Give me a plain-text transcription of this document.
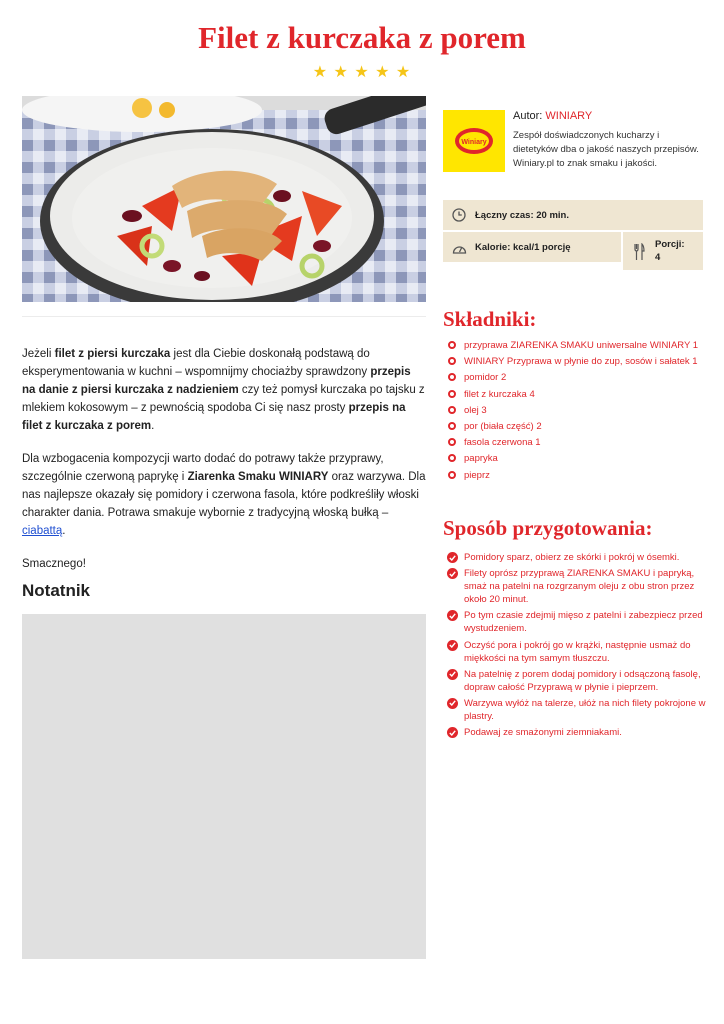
Filet z kurczaka z porem
★ ★ ★ ★ ★

Jeżeli filet z piersi kurczaka jest dla Ciebie doskonałą podstawą do eksperymentowania w kuchni – wspomnijmy chociażby sprawdzony przepis na danie z piersi kurczaka z nadzieniem czy też pomysł kurczaka po tajsku z mlekiem kokosowym – z pewnością spodoba Ci się nasz prosty przepis na filet z kurczaka z porem.

Dla wzbogacenia kompozycji warto dodać do potrawy także przyprawy, szczególnie czerwoną paprykę i Ziarenka Smaku WINIARY oraz warzywa. Dla nas najlepsze okazały się pomidory i czerwona fasola, które podkreśliły włoski charakter dania. Potrawa smakuje wybornie z tradycyjną włoską bułką – ciabattą.

Smacznego!

Notatnik
Winiary
Autor: WINIARY
Zespół doświadczonych kucharzy i dietetyków dba o jakość naszych przepisów. Winiary.pl to znak smaku i jakości.
Łączny czas: 20 min.
Kalorie: kcal/1 porcję	Porcji:
4
Składniki:
przyprawa ZIARENKA SMAKU uniwersalne WINIARY 1
WINIARY Przyprawa w płynie do zup, sosów i sałatek 1
pomidor 2
filet z kurczaka 4
olej 3
por (biała część) 2
fasola czerwona 1
papryka
pieprz
Sposób przygotowania:
Pomidory sparz, obierz ze skórki i pokrój w ósemki.
Filety oprósz przyprawą ZIARENKA SMAKU i papryką, smaż na patelni na rozgrzanym oleju z obu stron przez około 20 minut.
Po tym czasie zdejmij mięso z patelni i zabezpiecz przed wystudzeniem.
Oczyść pora i pokrój go w krążki, następnie usmaż do miękkości na tym samym tłuszczu.
Na patelnię z porem dodaj pomidory i odsączoną fasolę, dopraw całość Przyprawą w płynie i pieprzem.
Warzywa wyłóż na talerze, ułóż na nich filety pokrojone w plastry.
Podawaj ze smażonymi ziemniakami.
